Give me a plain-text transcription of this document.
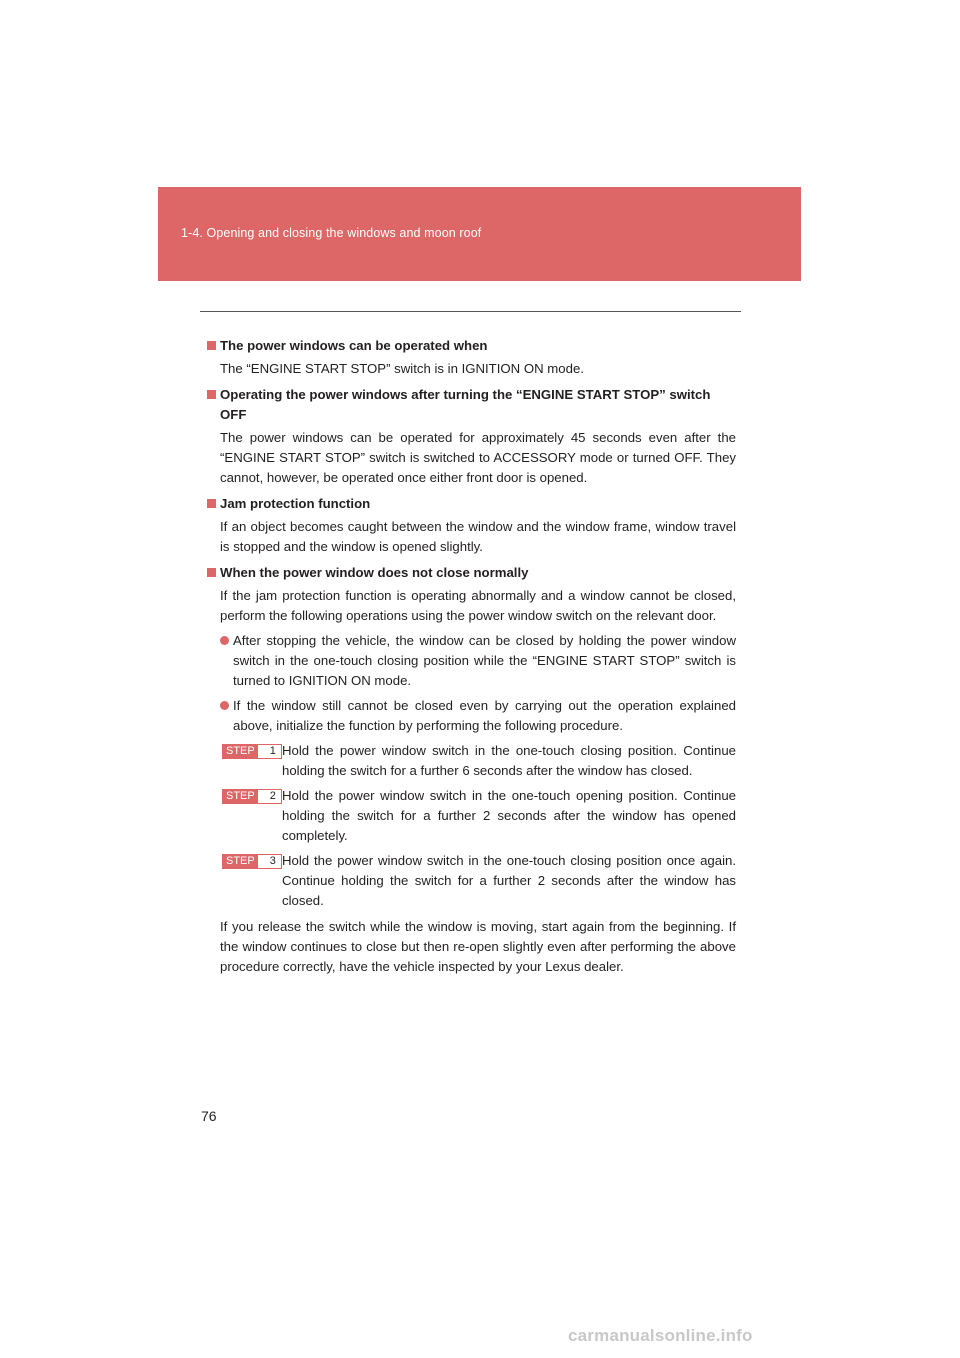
1-4. Opening and closing the windows and moon roof
The power windows can be operated when
The “ENGINE START STOP” switch is in IGNITION ON mode.
Operating the power windows after turning the “ENGINE START STOP” switch OFF
The power windows can be operated for approximately 45 seconds even after the “ENGINE START STOP” switch is switched to ACCESSORY mode or turned OFF. They cannot, however, be operated once either front door is opened.
Jam protection function
If an object becomes caught between the window and the window frame, window travel is stopped and the window is opened slightly.
When the power window does not close normally
If the jam protection function is operating abnormally and a window cannot be closed, perform the following operations using the power window switch on the relevant door.
After stopping the vehicle, the window can be closed by holding the power window switch in the one-touch closing position while the “ENGINE START STOP” switch is turned to IGNITION ON mode.
If the window still cannot be closed even by carrying out the operation explained above, initialize the function by performing the following procedure.
STEP	1 Hold the power window switch in the one-touch closing position. Continue holding the switch for a further 6 seconds after the window has closed.
STEP	2 Hold the power window switch in the one-touch opening position. Continue holding the switch for a further 2 seconds after the window has opened completely.
STEP	3 Hold the power window switch in the one-touch closing position once again. Continue holding the switch for a further 2 seconds after the window has closed.
If you release the switch while the window is moving, start again from the beginning. If the window continues to close but then re-open slightly even after performing the above procedure correctly, have the vehicle inspected by your Lexus dealer.
76
carmanualsonline.info
